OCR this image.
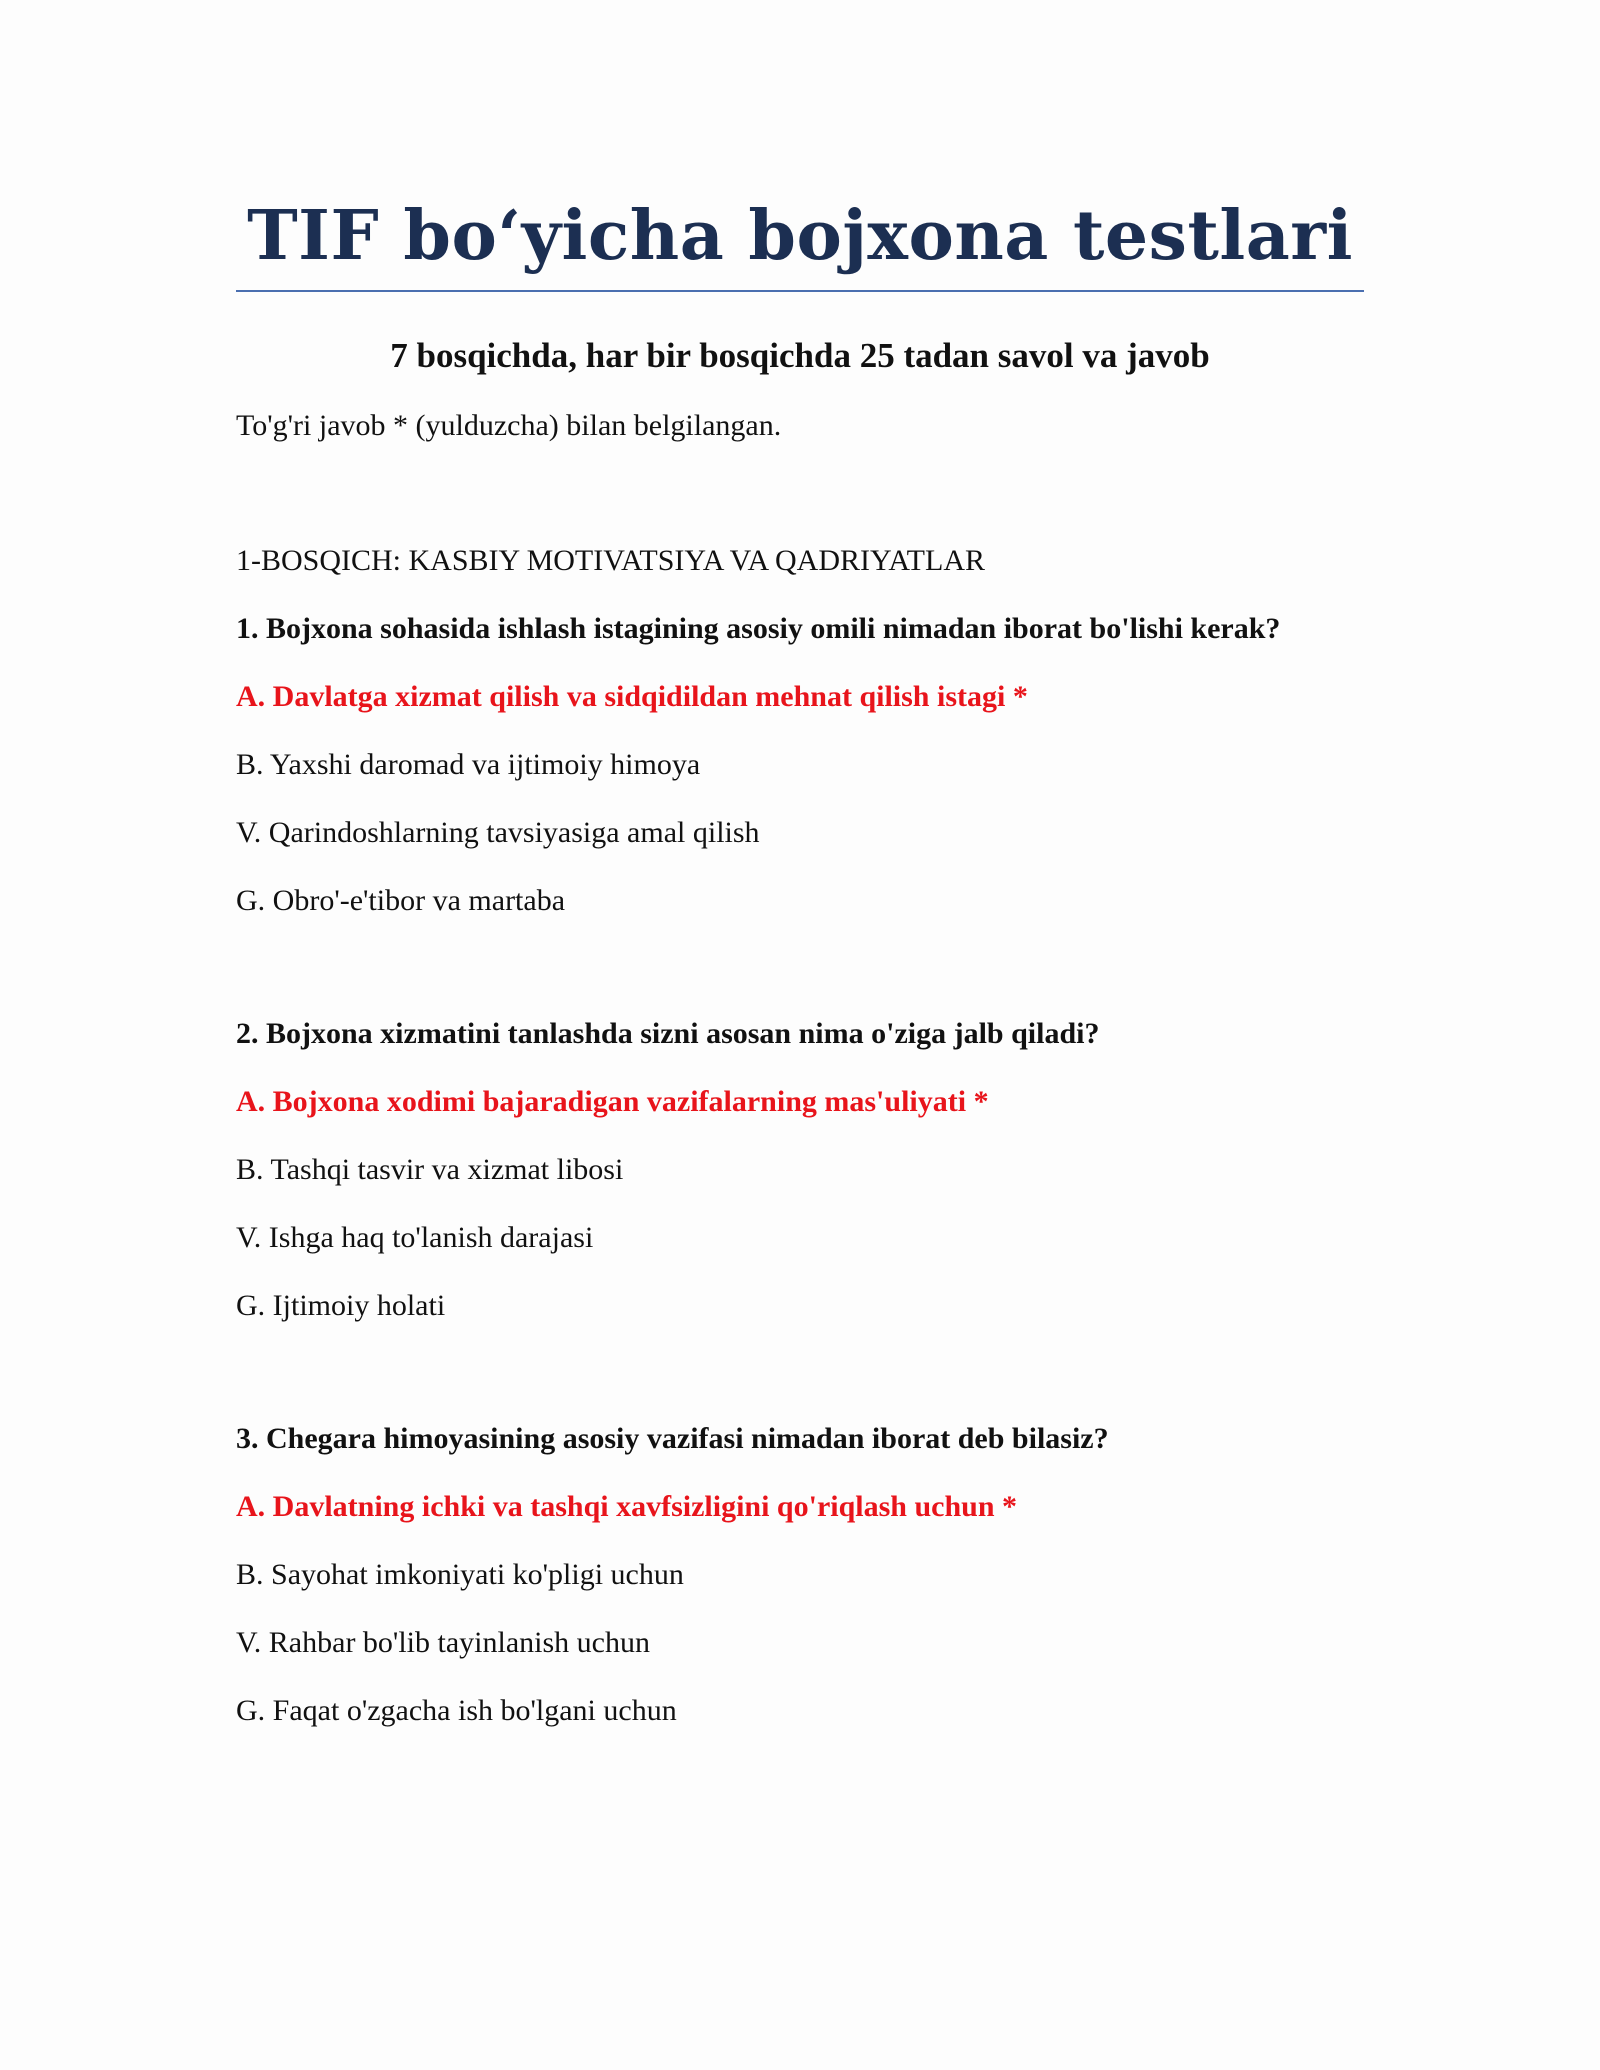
TIF bo‘yicha bojxona testlari
7 bosqichda, har bir bosqichda 25 tadan savol va javob

To'g'ri javob * (yulduzcha) bilan belgilangan.

1-BOSQICH: KASBIY MOTIVATSIYA VA QADRIYATLAR

1. Bojxona sohasida ishlash istagining asosiy omili nimadan iborat bo'lishi kerak?

A. Davlatga xizmat qilish va sidqidildan mehnat qilish istagi *

B. Yaxshi daromad va ijtimoiy himoya

V. Qarindoshlarning tavsiyasiga amal qilish

G. Obro'-e'tibor va martaba

2. Bojxona xizmatini tanlashda sizni asosan nima o'ziga jalb qiladi?

A. Bojxona xodimi bajaradigan vazifalarning mas'uliyati *

B. Tashqi tasvir va xizmat libosi

V. Ishga haq to'lanish darajasi

G. Ijtimoiy holati

3. Chegara himoyasining asosiy vazifasi nimadan iborat deb bilasiz?

A. Davlatning ichki va tashqi xavfsizligini qo'riqlash uchun *

B. Sayohat imkoniyati ko'pligi uchun

V. Rahbar bo'lib tayinlanish uchun

G. Faqat o'zgacha ish bo'lgani uchun
